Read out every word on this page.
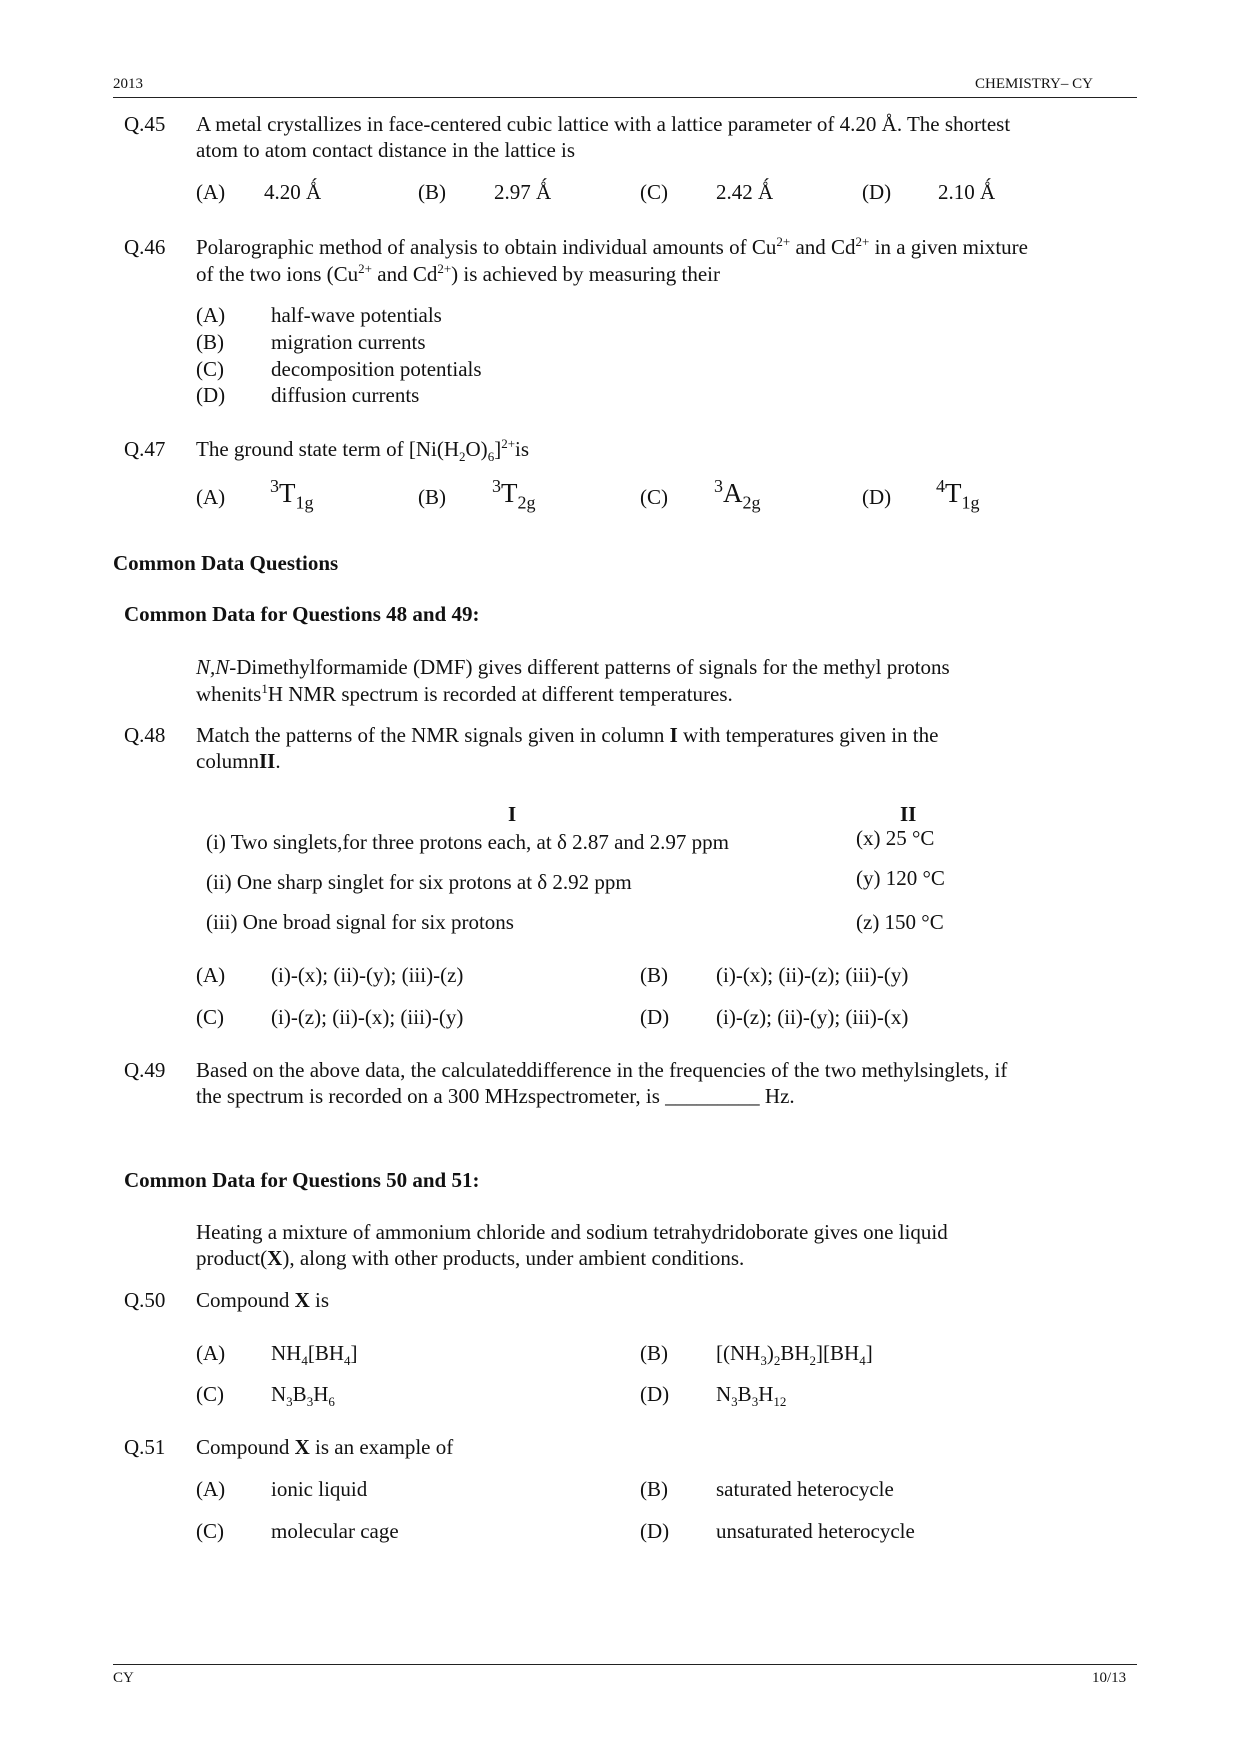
2013	CHEMISTRY– CY
Q.45 A metal crystallizes in face-centered cubic lattice with a lattice parameter of 4.20 Å. The shortest
atom to atom contact distance in the lattice is
(A) 4.20 Ǻ	(B) 2.97 Ǻ	(C) 2.42 Ǻ	(D) 2.10 Ǻ
Q.46 Polarographic method of analysis to obtain individual amounts of $Cu^{2+}$ and $Cd^{2+}$ in a given mixture
of the two ions ($Cu^{2+}$ and $Cd^{2+}$) is achieved by measuring their
(A) half-wave potentials
(B) migration currents
(C) decomposition potentials
(D) diffusion currents
Q.47 The ground state term of $[Ni(H_2O)_6]^{2+}is$
(A) $^3T_{1g}$	(B)	$^3T_{2g}$	(C)	$^3A_{2g}$	(D) $^4T_{1g}$
Common Data Questions
Common Data for Questions 48 and 49:
N,N-Dimethylformamide (DMF) gives different patterns of signals for the methyl protons
whenits$^1$H NMR spectrum is recorded at different temperatures.
Q.48 Match the patterns of the NMR signals given in column I with temperatures given in the
columnII.
I	II
(i) Two singlets,for three protons each, at δ 2.87 and 2.97 ppm	(x) 25 °C
(ii) One sharp singlet for six protons at δ 2.92 ppm	(y) 120 °C
(iii) One broad signal for six protons	(z) 150 °C
(A) (i)-(x); (ii)-(y); (iii)-(z)	(B) (i)-(x); (ii)-(z); (iii)-(y)
(C) (i)-(z); (ii)-(x); (iii)-(y)	(D) (i)-(z); (ii)-(y); (iii)-(x)
Q.49 Based on the above data, the calculateddifference in the frequencies of the two methylsinglets, if
the spectrum is recorded on a 300 MHzspectrometer, is _________ Hz.
Common Data for Questions 50 and 51:
Heating a mixture of ammonium chloride and sodium tetrahydridoborate gives one liquid
product(X), along with other products, under ambient conditions.
Q.50 Compound X is
(A) $NH_4[BH_4]$	(B) $[(NH_3)_2BH_2][BH_4]$
(C) $N_3B_3H_6$	(D) $N_3B_3H_{12}$
Q.51 Compound X is an example of
(A) ionic liquid	(B) saturated heterocycle
(C) molecular cage	(D) unsaturated heterocycle
CY	10/13
